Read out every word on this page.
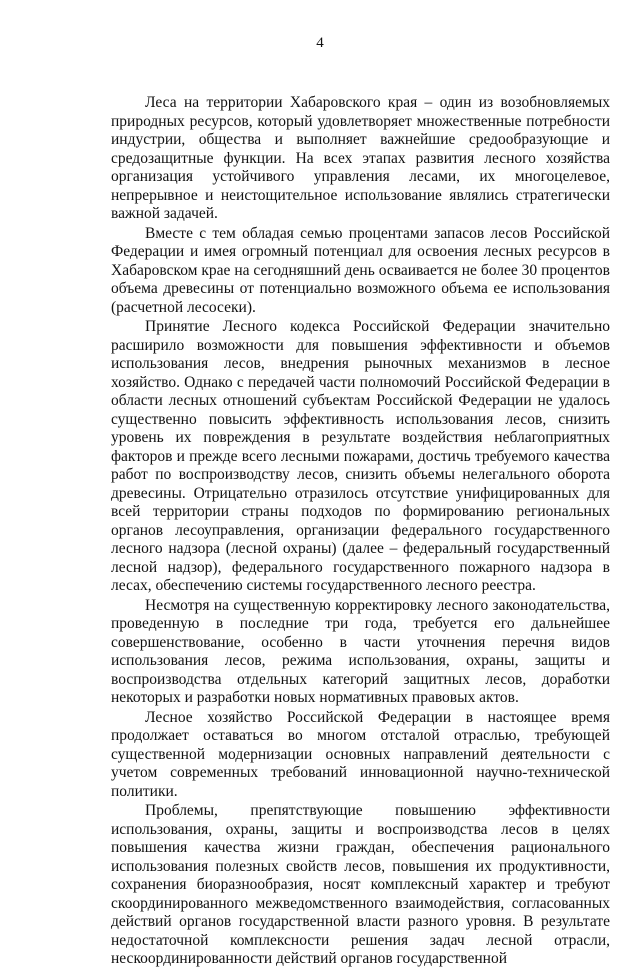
4

Леса на территории Хабаровского края – один из возобновляемых природных ресурсов, который удовлетворяет множественные потребности индустрии, общества и выполняет важнейшие средообразующие и средозащитные функции. На всех этапах развития лесного хозяйства организация устойчивого управления лесами, их многоцелевое, непрерывное и неистощительное использование являлись стратегически важной задачей.

Вместе с тем обладая семью процентами запасов лесов Российской Федерации и имея огромный потенциал для освоения лесных ресурсов в Хабаровском крае на сегодняшний день осваивается не более 30 процентов объема древесины от потенциально возможного объема ее использования (расчетной лесосеки).

Принятие Лесного кодекса Российской Федерации значительно расширило возможности для повышения эффективности и объемов использования лесов, внедрения рыночных механизмов в лесное хозяйство. Однако с передачей части полномочий Российской Федерации в области лесных отношений субъектам Российской Федерации не удалось существенно повысить эффективность использования лесов, снизить уровень их повреждения в результате воздействия неблагоприятных факторов и прежде всего лесными пожарами, достичь требуемого качества работ по воспроизводству лесов, снизить объемы нелегального оборота древесины. Отрицательно отразилось отсутствие унифицированных для всей территории страны подходов по формированию региональных органов лесоуправления, организации федерального государственного лесного надзора (лесной охраны) (далее – федеральный государственный лесной надзор), федерального государственного пожарного надзора в лесах, обеспечению системы государственного лесного реестра.

Несмотря на существенную корректировку лесного законодательства, проведенную в последние три года, требуется его дальнейшее совершенствование, особенно в части уточнения перечня видов использования лесов, режима использования, охраны, защиты и воспроизводства отдельных категорий защитных лесов, доработки некоторых и разработки новых нормативных правовых актов.

Лесное хозяйство Российской Федерации в настоящее время продолжает оставаться во многом отсталой отраслью, требующей существенной модернизации основных направлений деятельности с учетом современных требований инновационной научно-технической политики.

Проблемы, препятствующие повышению эффективности использования, охраны, защиты и воспроизводства лесов в целях повышения качества жизни граждан, обеспечения рационального использования полезных свойств лесов, повышения их продуктивности, сохранения биоразнообразия, носят комплексный характер и требуют скоординированного межведомственного взаимодействия, согласованных действий органов государственной власти разного уровня. В результате недостаточной комплексности решения задач лесной отрасли, нескоординированности действий органов государственной
